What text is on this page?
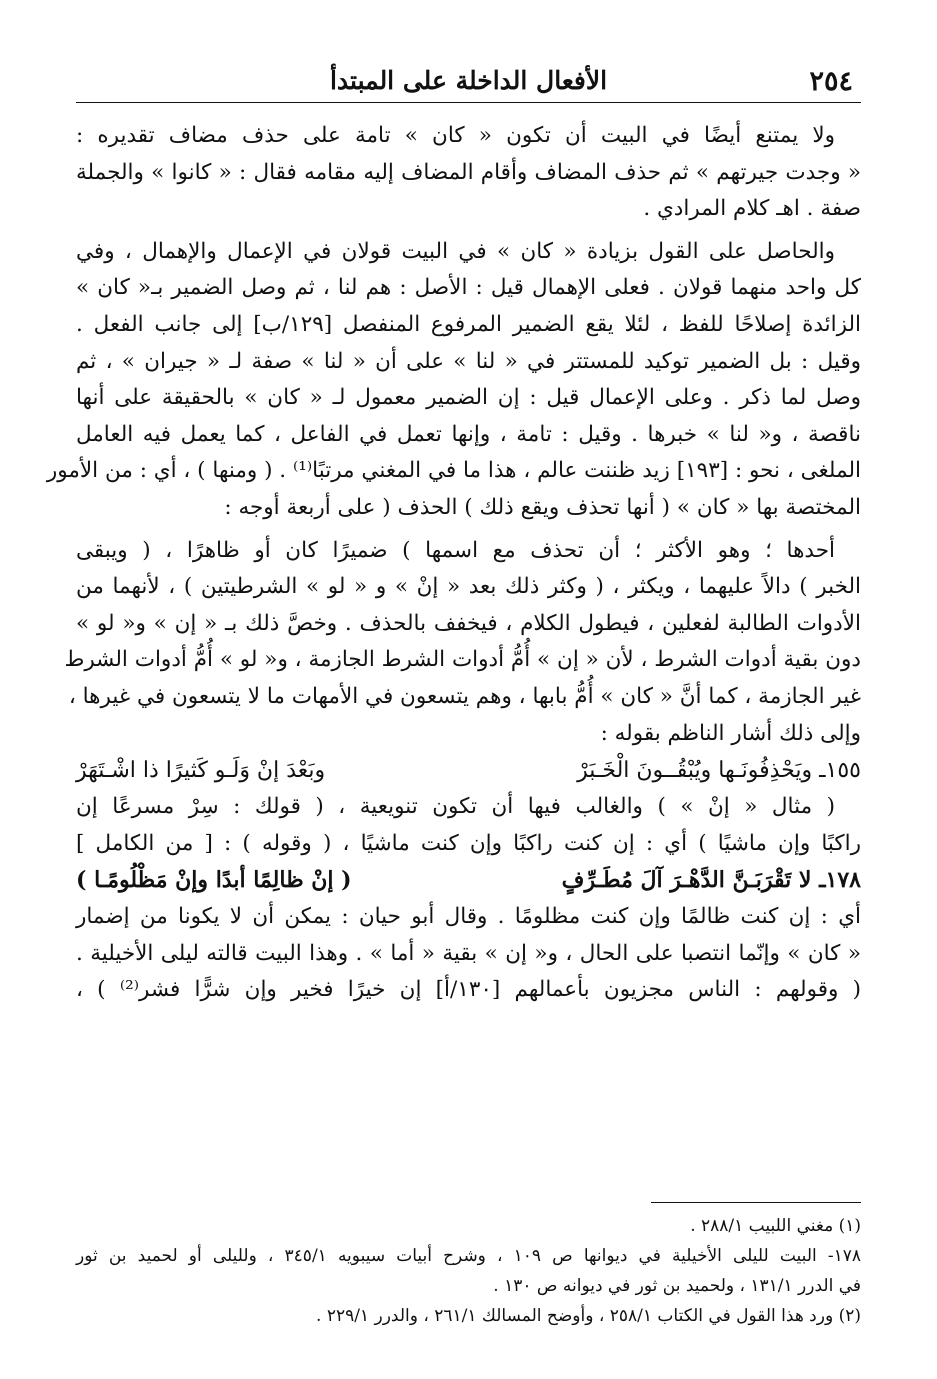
٢٥٤
الأفعال الداخلة على المبتدأ
ولا يمتنع أيضًا في البيت أن تكون « كان » تامة على حذف مضاف تقديره :
« وجدت جيرتهم » ثم حذف المضاف وأقام المضاف إليه مقامه فقال : « كانوا » والجملة
صفة . اهـ كلام المرادي .
والحاصل على القول بزيادة « كان » في البيت قولان في الإعمال والإهمال ، وفي
كل واحد منهما قولان . فعلى الإهمال قيل : الأصل : هم لنا ، ثم وصل الضمير بـ« كان »
الزائدة إصلاحًا للفظ ، لئلا يقع الضمير المرفوع المنفصل [١٢٩/ب] إلى جانب الفعل .
وقيل : بل الضمير توكيد للمستتر في « لنا » على أن « لنا » صفة لـ « جيران » ، ثم
وصل لما ذكر . وعلى الإعمال قيل : إن الضمير معمول لـ « كان » بالحقيقة على أنها
ناقصة ، و« لنا » خبرها . وقيل : تامة ، وإنها تعمل في الفاعل ، كما يعمل فيه العامل
الملغى ، نحو : [١٩٣] زيد ظننت عالم ، هذا ما في المغني مرتبًا⁽¹⁾ . ( ومنها ) ، أي : من الأمور
المختصة بها « كان » ( أنها تحذف ويقع ذلك ) الحذف ( على أربعة أوجه :
أحدها ؛ وهو الأكثر ؛ أن تحذف مع اسمها ) ضميرًا كان أو ظاهرًا ، ( ويبقى
الخبر ) دالاً عليهما ، ويكثر ، ( وكثر ذلك بعد « إنْ » و « لو » الشرطيتين ) ، لأنهما من
الأدوات الطالبة لفعلين ، فيطول الكلام ، فيخفف بالحذف . وخصَّ ذلك بـ « إن » و« لو »
دون بقية أدوات الشرط ، لأن « إن » أُمُّ أدوات الشرط الجازمة ، و« لو » أُمُّ أدوات الشرط
غير الجازمة ، كما أنَّ « كان » أُمُّ بابها ، وهم يتسعون في الأمهات ما لا يتسعون في غيرها ،
وإلى ذلك أشار الناظم بقوله :
١٥٥ـ ويَحْذِفُونَـها ويُبْقُــونَ الْخَـبَرْ
وبَعْدَ إنْ وَلَـو كَثيرًا ذا اشْـتَهَرْ
( مثال « إنْ » ) والغالب فيها أن تكون تنويعية ، ( قولك : سِرْ مسرعًا إن
راكبًا وإن ماشيًا ) أي : إن كنت راكبًا وإن كنت ماشيًا ، ( وقوله ) : [ من الكامل ]
١٧٨ـ لا تَقْرَبَـنَّ الدَّهْـرَ آلَ مُطَـرِّفٍ
( إنْ ظالِمًا أبدًا وإنْ مَظْلُومًـا )
أي : إن كنت ظالمًا وإن كنت مظلومًا . وقال أبو حيان : يمكن أن لا يكونا من إضمار
« كان » وإنّما انتصبا على الحال ، و« إن » بقية « أما » . وهذا البيت قالته ليلى الأخيلية .
( وقولهم : الناس مجزيون بأعمالهم [١٣٠/أ] إن خيرًا فخير وإن شرًّا فشر⁽²⁾ ) ،
(١) مغني اللبيب ٢٨٨/١ .
١٧٨- البيت لليلى الأخيلية في ديوانها ص ١٠٩ ، وشرح أبيات سيبويه ٣٤٥/١ ، ولليلى أو لحميد بن ثور
في الدرر ١٣١/١ ، ولحميد بن ثور في ديوانه ص ١٣٠ .
(٢) ورد هذا القول في الكتاب ٢٥٨/١ ، وأوضح المسالك ٢٦١/١ ، والدرر ٢٢٩/١ .
